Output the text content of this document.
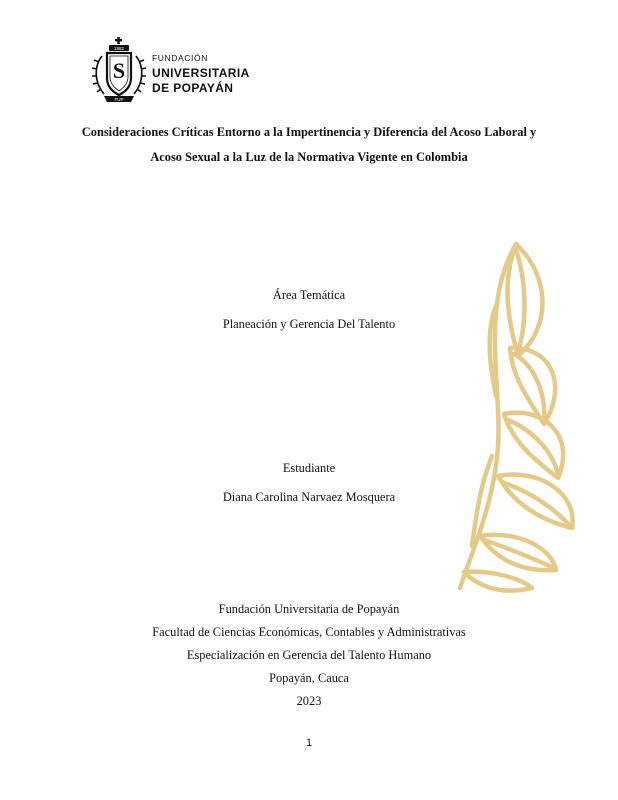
FUNDACIÓN
UNIVERSITARIA
DE POPAYÁN
1982
S
FUP
Consideraciones Críticas Entorno a la Impertinencia y Diferencia del Acoso Laboral y
Acoso Sexual a la Luz de la Normativa Vigente en Colombia
Área Temática
Planeación y Gerencia Del Talento
Estudiante
Diana Carolina Narvaez Mosquera
Fundación Universitaria de Popayán
Facultad de Ciencias Económicas, Contables y Administrativas
Especialización en Gerencia del Talento Humano
Popayán, Cauca
2023
1
